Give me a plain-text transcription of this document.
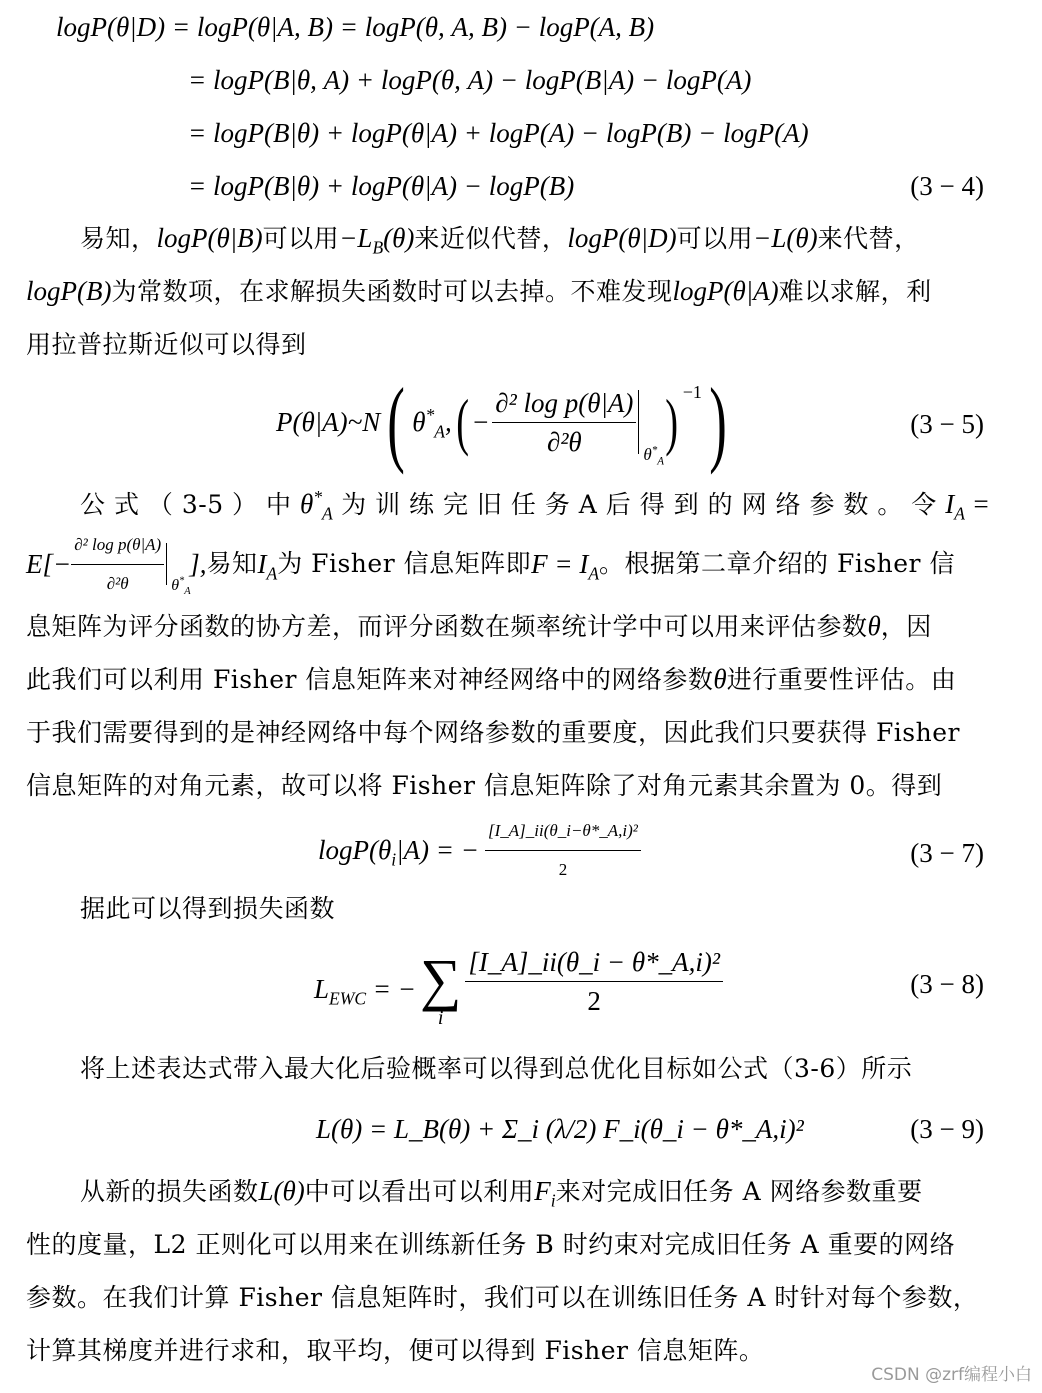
logP(θ|D) = logP(θ|A, B) = logP(θ, A, B) − logP(A, B)
= logP(B|θ, A) + logP(θ, A) − logP(B|A) − logP(A)
= logP(B|θ) + logP(θ|A) + logP(A) − logP(B) − logP(A)
= logP(B|θ) + logP(θ|A) − logP(B)	(3 − 4)
易知，logP(θ|B)可以用$-L_B(\theta)$来近似代替，logP(θ|D)可以用−L(θ)来代替，
logP(B)为常数项，在求解损失函数时可以去掉。不难发现logP(θ|A)难以求解，利
用拉普拉斯近似可以得到
P(θ|A)~N ( $\theta^*_A$, ( − $\frac{\text{∂² log p(θ|A)}}{\text{∂²θ}} \theta^*_A$
)$^{-1}$ )	(3 − 5)
公 式 （ 3-5 ） 中 $\theta^*_A$ 为 训 练 完 旧 任 务 A 后 得 到 的 网 络 参 数 。 令 $I_A$ =
$E[- \frac{\text{∂² log p(θ|A)}}{\text{∂²θ}} \theta^*_A$
], 易知 $I_A$ 为 Fisher 信息矩阵即 $F = I_A$ 。根据第二章介绍的 Fisher 信
息矩阵为评分函数的协方差，而评分函数在频率统计学中可以用来评估参数θ，因
此我们可以利用 Fisher 信息矩阵来对神经网络中的网络参数θ进行重要性评估。由
于我们需要得到的是神经网络中每个网络参数的重要度，因此我们只要获得 Fisher
信息矩阵的对角元素，故可以将 Fisher 信息矩阵除了对角元素其余置为 0。得到
$\log P(\theta_i|A)$ = − $\frac{\text{[I\_A]\_ii(θ\_i−θ*\_A,i)²}}{2}$	(3 − 7)
据此可以得到损失函数
$L_{EWC}$ = − ∑
i
$\frac{\text{[I\_A]\_ii(θ\_i − θ*\_A,i)²}}{2}$	(3 − 8)
将上述表达式带入最大化后验概率可以得到总优化目标如公式（3-6）所示
L(θ) = L_B(θ) + Σ_i (λ/2) F_i(θ_i − θ*_A,i)²	(3 − 9)
从新的损失函数L(θ)中可以看出可以利用$F_i$来对完成旧任务 A 网络参数重要
性的度量，L2 正则化可以用来在训练新任务 B 时约束对完成旧任务 A 重要的网络
参数。在我们计算 Fisher 信息矩阵时，我们可以在训练旧任务 A 时针对每个参数，
计算其梯度并进行求和，取平均，便可以得到 Fisher 信息矩阵。
CSDN @zrf编程小白
